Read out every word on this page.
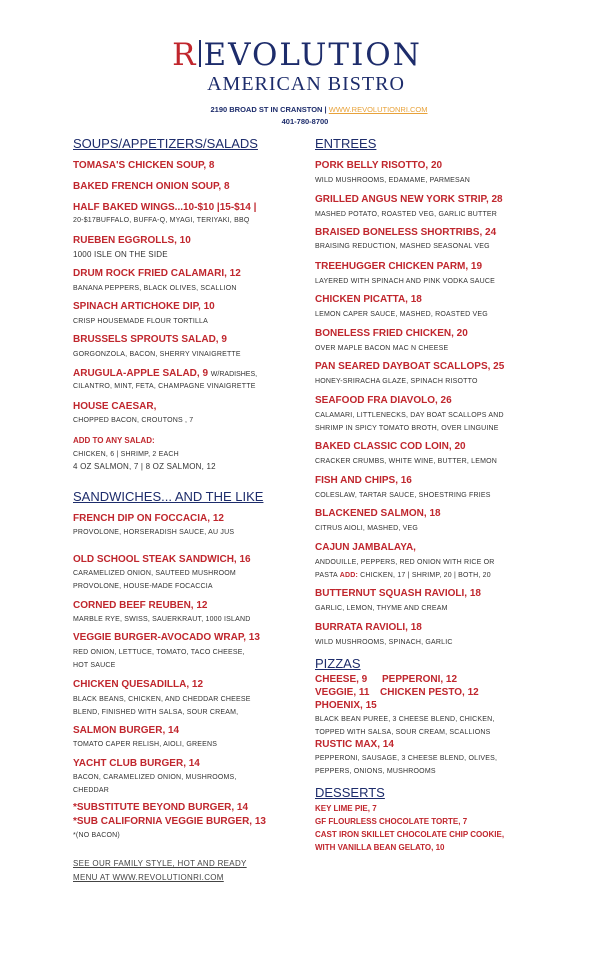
R EVOLUTION
AMERICAN BISTRO
2190 BROAD ST IN CRANSTON | WWW.REVOLUTIONRI.COM
401-780-8700
SOUPS/APPETIZERS/SALADS
TOMASA'S CHICKEN SOUP, 8
BAKED FRENCH ONION SOUP, 8
HALF BAKED WINGS...10-$10 |15-$14 |
20-$17BUFFALO, BUFFA-Q, MYAGI, TERIYAKI, BBQ
RUEBEN EGGROLLS, 10
1000 ISLE ON THE SIDE
DRUM ROCK FRIED CALAMARI, 12
BANANA PEPPERS, BLACK OLIVES, SCALLION
SPINACH ARTICHOKE DIP, 10
CRISP HOUSEMADE FLOUR TORTILLA
BRUSSELS SPROUTS SALAD, 9
GORGONZOLA, BACON, SHERRY VINAIGRETTE
ARUGULA-APPLE SALAD, 9 W/RADISHES,
CILANTRO, MINT, FETA, CHAMPAGNE VINAIGRETTE
HOUSE CAESAR,
CHOPPED BACON, CROUTONS , 7
ADD TO ANY SALAD:
CHICKEN, 6 | SHRIMP, 2 EACH
4 OZ SALMON, 7 | 8 OZ SALMON, 12
SANDWICHES... AND THE LIKE
FRENCH DIP ON FOCCACIA, 12
PROVOLONE, HORSERADISH SAUCE, AU JUS
OLD SCHOOL STEAK SANDWICH, 16
CARAMELIZED ONION, SAUTEED MUSHROOM
PROVOLONE, HOUSE-MADE FOCACCIA
CORNED BEEF REUBEN, 12
MARBLE RYE, SWISS, SAUERKRAUT, 1000 ISLAND
VEGGIE BURGER-AVOCADO WRAP, 13
RED ONION, LETTUCE, TOMATO, TACO CHEESE,
HOT SAUCE
CHICKEN QUESADILLA, 12
BLACK BEANS, CHICKEN, AND CHEDDAR CHEESE
BLEND, FINISHED WITH SALSA, SOUR CREAM,
SALMON BURGER, 14
TOMATO CAPER RELISH, AIOLI, GREENS
YACHT CLUB BURGER, 14
BACON, CARAMELIZED ONION, MUSHROOMS,
CHEDDAR
*SUBSTITUTE BEYOND BURGER, 14
*SUB CALIFORNIA VEGGIE BURGER, 13
*(NO BACON)
SEE OUR FAMILY STYLE, HOT AND READY
MENU AT WWW.REVOLUTIONRI.COM
ENTREES
PORK BELLY RISOTTO, 20
WILD MUSHROOMS, EDAMAME, PARMESAN
GRILLED ANGUS NEW YORK STRIP, 28
MASHED POTATO, ROASTED VEG, GARLIC BUTTER
BRAISED BONELESS SHORTRIBS, 24
BRAISING REDUCTION, MASHED SEASONAL VEG
TREEHUGGER CHICKEN PARM, 19
LAYERED WITH SPINACH AND PINK VODKA SAUCE
CHICKEN PICATTA, 18
LEMON CAPER SAUCE, MASHED, ROASTED VEG
BONELESS FRIED CHICKEN, 20
OVER MAPLE BACON MAC N CHEESE
PAN SEARED DAYBOAT SCALLOPS, 25
HONEY-SRIRACHA GLAZE, SPINACH RISOTTO
SEAFOOD FRA DIAVOLO, 26
CALAMARI, LITTLENECKS, DAY BOAT SCALLOPS AND
SHRIMP IN SPICY TOMATO BROTH, OVER LINGUINE
BAKED CLASSIC COD LOIN, 20
CRACKER CRUMBS, WHITE WINE, BUTTER, LEMON
FISH AND CHIPS, 16
COLESLAW, TARTAR SAUCE, SHOESTRING FRIES
BLACKENED SALMON, 18
CITRUS AIOLI, MASHED, VEG
CAJUN JAMBALAYA,
ANDOUILLE, PEPPERS, RED ONION WITH RICE OR
PASTA ADD: CHICKEN, 17 | SHRIMP, 20 | BOTH, 20
BUTTERNUT SQUASH RAVIOLI, 18
GARLIC, LEMON, THYME AND CREAM
BURRATA RAVIOLI, 18
WILD MUSHROOMS, SPINACH, GARLIC
PIZZAS
CHEESE, 9 PEPPERONI, 12
VEGGIE, 11 CHICKEN PESTO, 12
PHOENIX, 15
BLACK BEAN PUREE, 3 CHEESE BLEND, CHICKEN,
TOPPED WITH SALSA, SOUR CREAM, SCALLIONS
RUSTIC MAX, 14
PEPPERONI, SAUSAGE, 3 CHEESE BLEND, OLIVES,
PEPPERS, ONIONS, MUSHROOMS
DESSERTS
KEY LIME PIE, 7
GF FLOURLESS CHOCOLATE TORTE, 7
CAST IRON SKILLET CHOCOLATE CHIP COOKIE,
WITH VANILLA BEAN GELATO, 10
